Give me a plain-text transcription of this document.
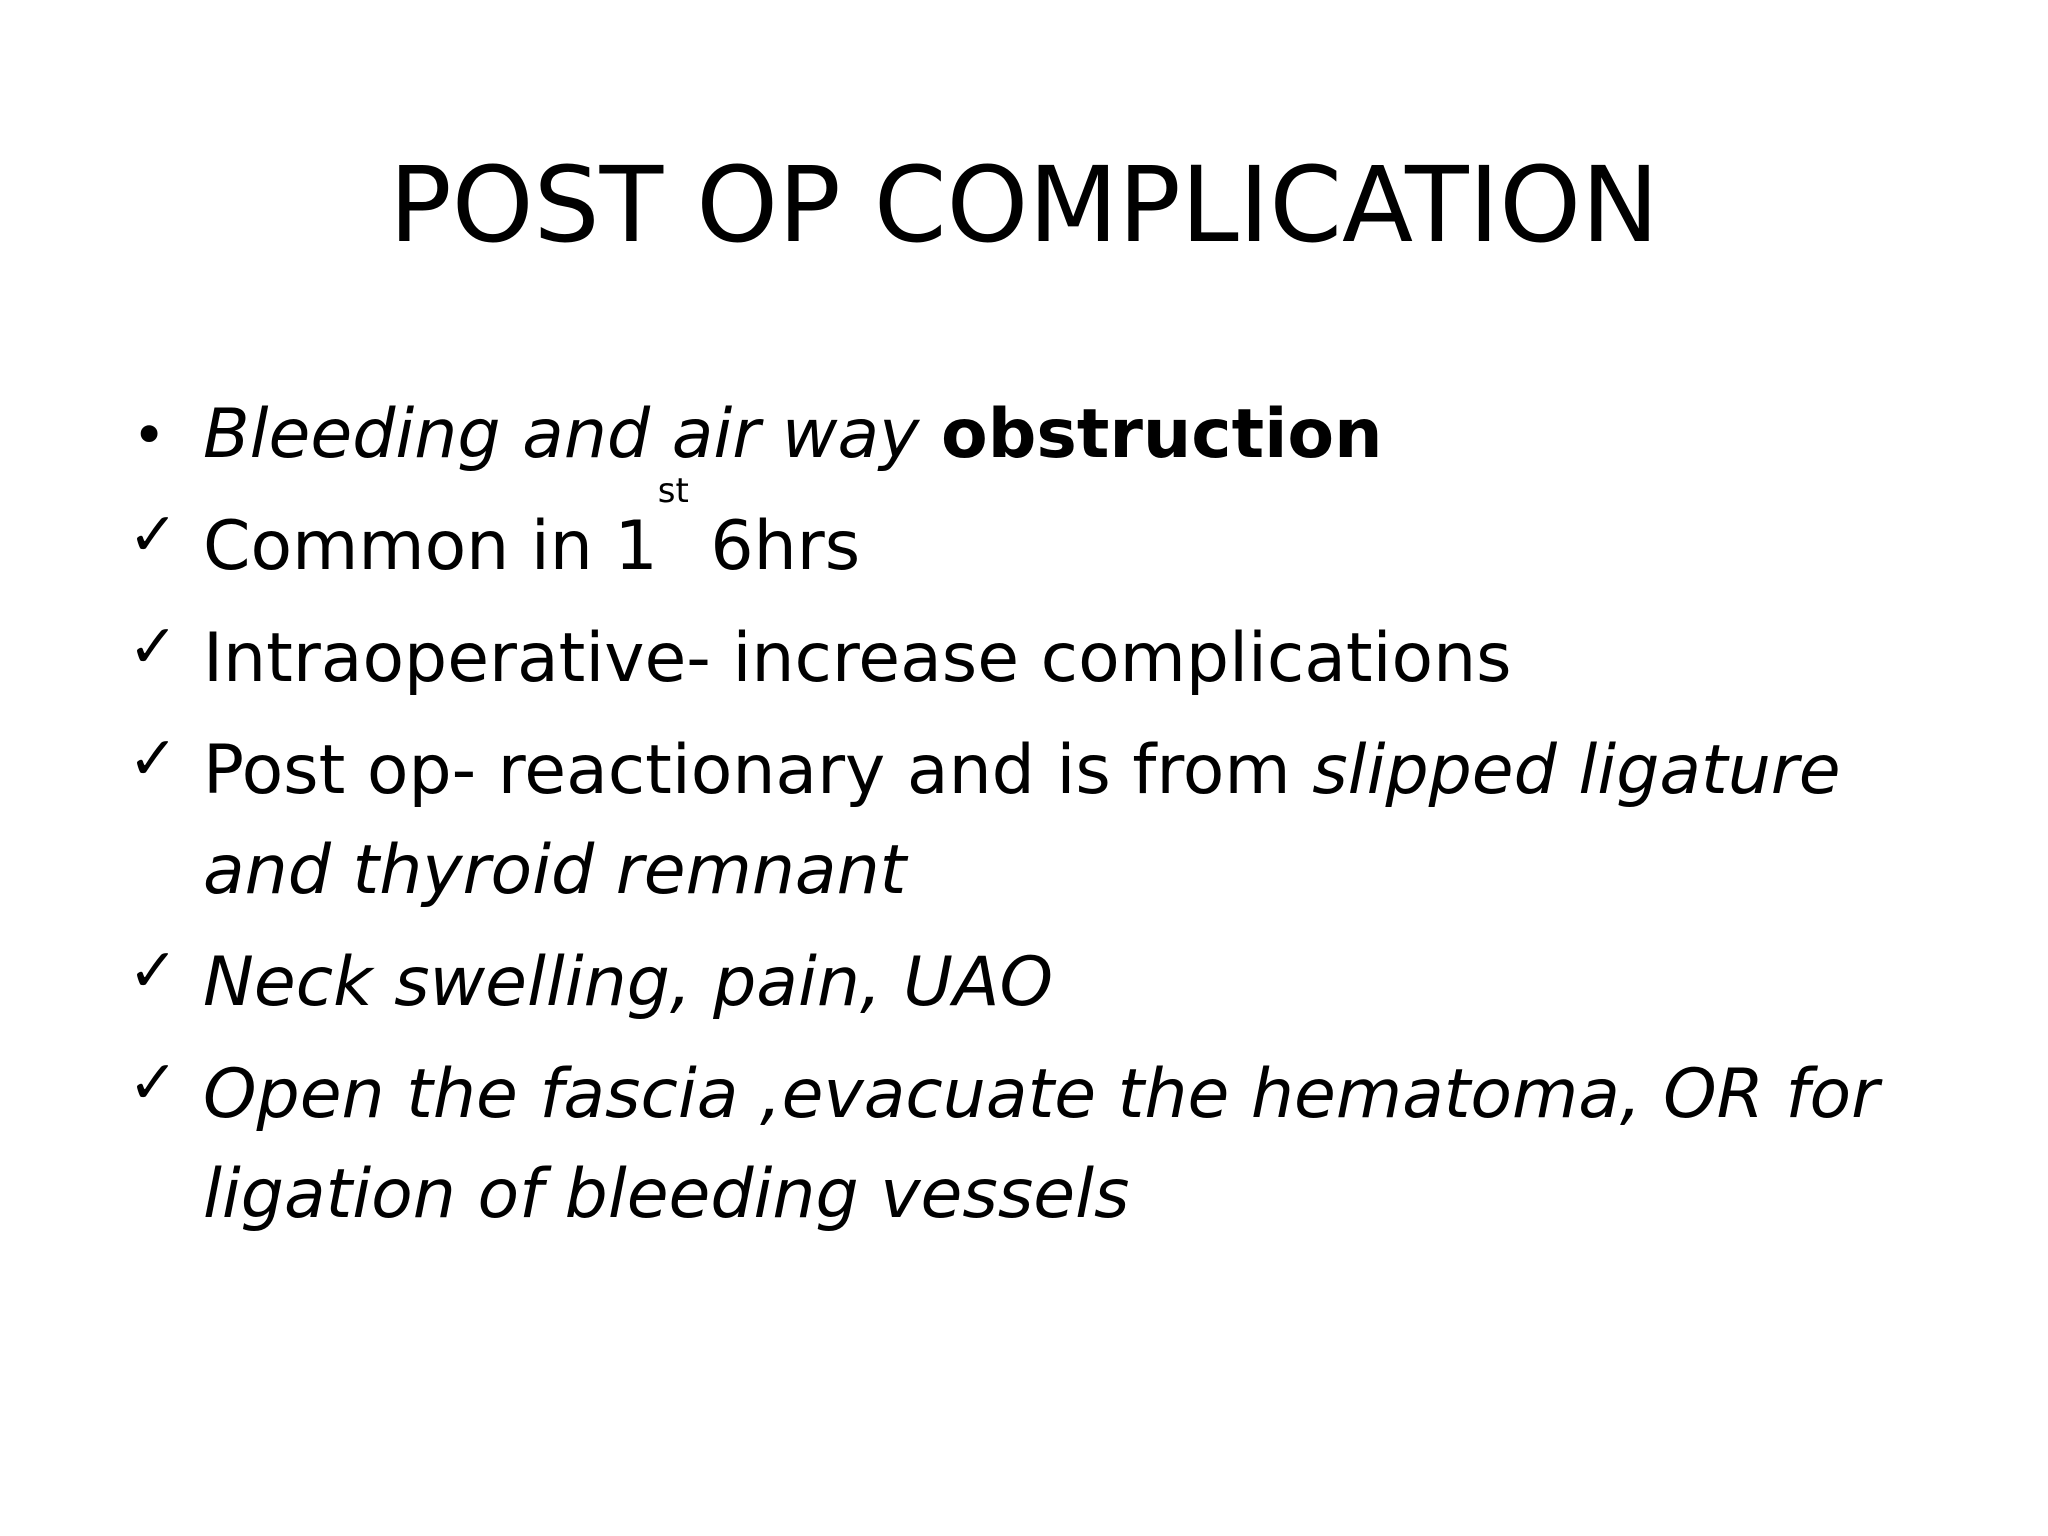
POST OP COMPLICATION
• Bleeding and air way obstruction
✓ Common in 1st 6hrs
✓ Intraoperative- increase complications
✓ Post op- reactionary and is from slipped ligature and thyroid remnant
✓ Neck swelling, pain, UAO
✓ Open the fascia ,evacuate the hematoma, OR for ligation of bleeding vessels
